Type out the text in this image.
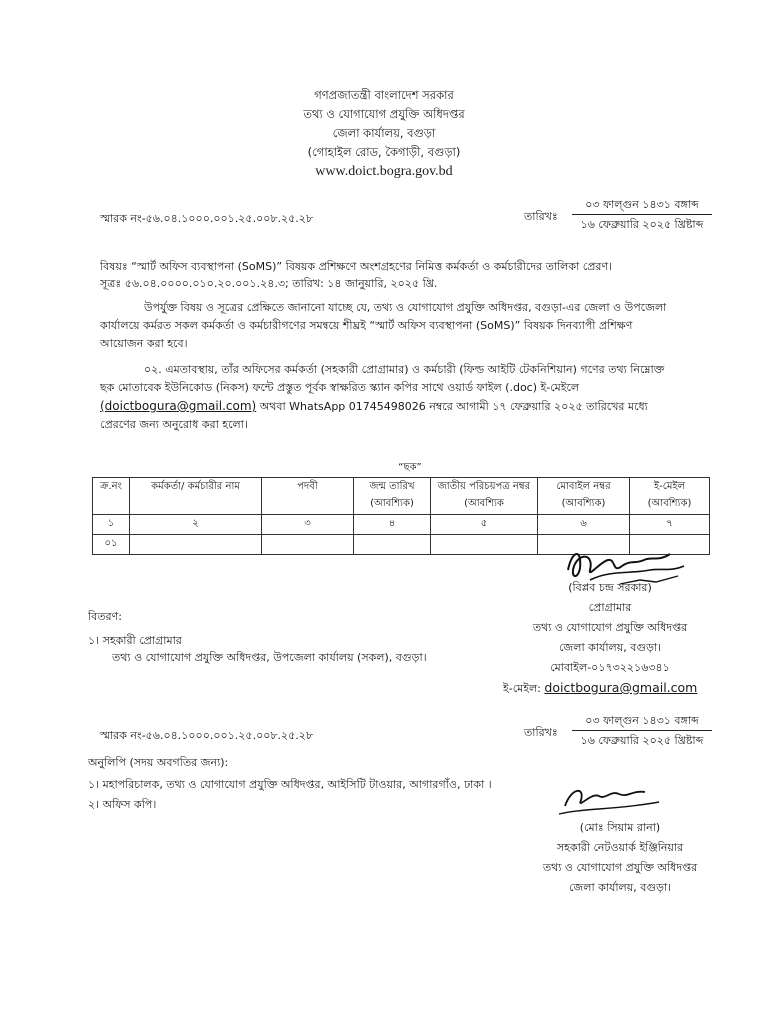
গণপ্রজাতন্ত্রী বাংলাদেশ সরকার
তথ্য ও যোগাযোগ প্রযুক্তি অধিদপ্তর
জেলা কার্যালয়, বগুড়া
(গোহাইল রোড, কৈগাড়ী, বগুড়া)
www.doict.bogra.gov.bd
স্মারক নং-৫৬.০৪.১০০০.০০১.২৫.০০৮.২৫.২৮	তারিখঃ
০৩ ফাল্গুন ১৪৩১ বঙ্গাব্দ
১৬ ফেব্রুয়ারি ২০২৫ খ্রিষ্টাব্দ
বিষয়ঃ “স্মার্ট অফিস ব্যবস্থাপনা (SoMS)” বিষয়ক প্রশিক্ষণে অংশগ্রহণের নিমিত্ত কর্মকর্তা ও কর্মচারীদের তালিকা প্রেরণ।
সূত্রঃ ৫৬.০৪.০০০০.০১০.২০.০০১.২৪.৩; তারিখ: ১৪ জানুয়ারি, ২০২৫ খ্রি.
উপর্যুক্ত বিষয় ও সূত্রের প্রেক্ষিতে জানানো যাচ্ছে যে, তথ্য ও যোগাযোগ প্রযুক্তি অধিদপ্তর, বগুড়া-এর জেলা ও উপজেলা
কার্যালয়ে কর্মরত সকল কর্মকর্তা ও কর্মচারীগণের সমন্বয়ে শীঘ্রই “স্মার্ট অফিস ব্যবস্থাপনা (SoMS)” বিষয়ক দিনব্যাপী প্রশিক্ষণ
আয়োজন করা হবে।
০২. এমতাবস্থায়, তাঁর অফিসের কর্মকর্তা (সহকারী প্রোগ্রামার) ও কর্মচারী (ফিল্ড আইটি টেকনিশিয়ান) গণের তথ্য নিম্নোক্ত
ছক মোতাবেক ইউনিকোড (নিকস) ফন্টে প্রস্তুত পূর্বক স্বাক্ষরিত স্ক্যান কপির সাথে ওয়ার্ড ফাইল (.doc) ই-মেইলে
(doictbogura@gmail.com) অথবা WhatsApp 01745498026 নম্বরে আগামী ১৭ ফেব্রুয়ারি ২০২৫ তারিখের মধ্যে
প্রেরণের জন্য অনুরোধ করা হলো।
“ছক”
ক্র.নং	কর্মকর্তা/ কর্মচারীর নাম	পদবী	জন্ম তারিখ (আবশ্যিক)	জাতীয় পরিচয়পত্র নম্বর (আবশ্যিক	মোবাইল নম্বর (আবশ্যিক)	ই-মেইল (আবশ্যিক)
১	২	৩	৪	৫	৬	৭
০১						
(বিপ্লব চন্দ্র সরকার)
প্রোগ্রামার
তথ্য ও যোগাযোগ প্রযুক্তি অধিদপ্তর
জেলা কার্যালয়, বগুড়া।
মোবাইল-০১৭৩২২১৬৩৪১
ই-মেইল: doictbogura@gmail.com
বিতরণ:
১। সহকারী প্রোগ্রামার
তথ্য ও যোগাযোগ প্রযুক্তি অধিদপ্তর, উপজেলা কার্যালয় (সকল), বগুড়া।
স্মারক নং-৫৬.০৪.১০০০.০০১.২৫.০০৮.২৫.২৮	তারিখঃ
০৩ ফাল্গুন ১৪৩১ বঙ্গাব্দ
১৬ ফেব্রুয়ারি ২০২৫ খ্রিষ্টাব্দ
অনুলিপি (সদয় অবগতির জন্য):
১। মহাপরিচালক, তথ্য ও যোগাযোগ প্রযুক্তি অধিদপ্তর, আইসিটি টাওয়ার, আগারগাঁও, ঢাকা ।
২। অফিস কপি।
(মোঃ সিয়াম রানা)
সহকারী নেটওয়ার্ক ইঞ্জিনিয়ার
তথ্য ও যোগাযোগ প্রযুক্তি অধিদপ্তর
জেলা কার্যালয়, বগুড়া।
